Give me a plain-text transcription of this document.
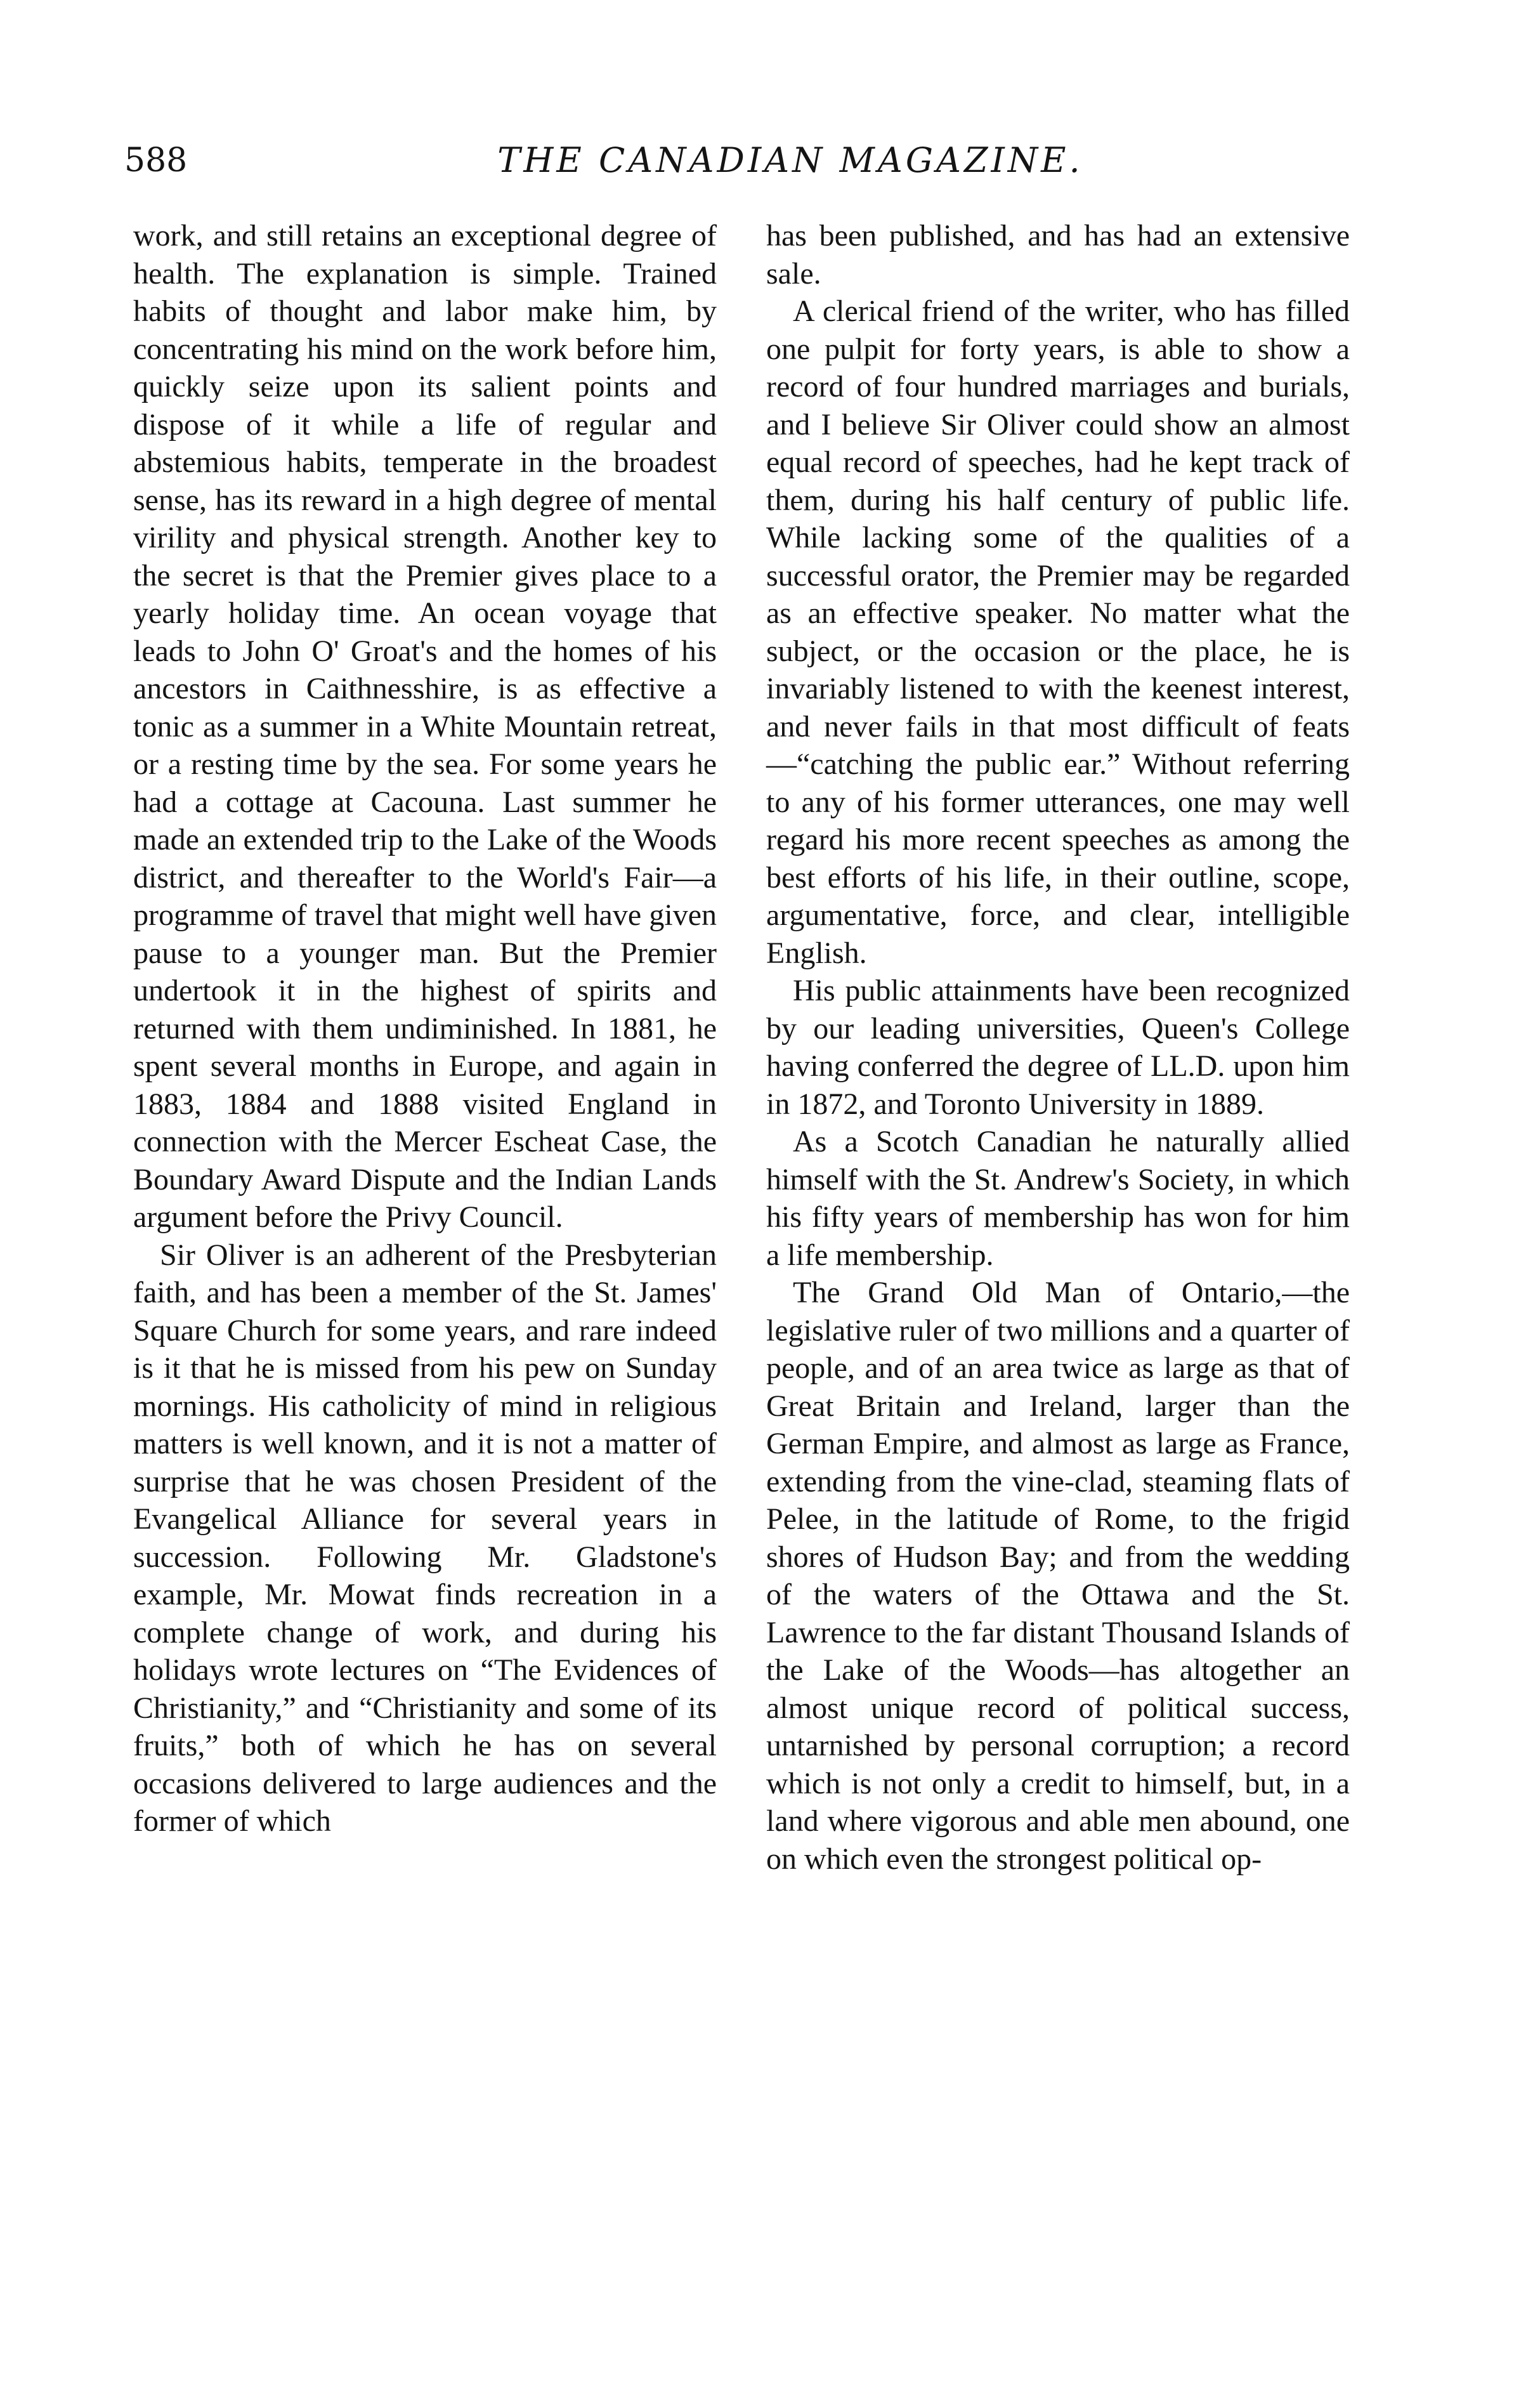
588	THE CANADIAN MAGAZINE.

work, and still retains an exceptional degree of health. The explanation is simple. Trained habits of thought and labor make him, by concentrating his mind on the work before him, quickly seize upon its salient points and dispose of it while a life of regular and abstemious habits, temperate in the broadest sense, has its reward in a high degree of mental virility and physical strength. Another key to the secret is that the Premier gives place to a yearly holiday time. An ocean voyage that leads to John O' Groat's and the homes of his ancestors in Caithnesshire, is as effective a tonic as a summer in a White Mountain retreat, or a resting time by the sea. For some years he had a cottage at Cacouna. Last summer he made an extended trip to the Lake of the Woods district, and thereafter to the World's Fair—a programme of travel that might well have given pause to a younger man. But the Premier undertook it in the highest of spirits and returned with them undiminished. In 1881, he spent several months in Europe, and again in 1883, 1884 and 1888 visited England in connection with the Mercer Escheat Case, the Boundary Award Dispute and the Indian Lands argument before the Privy Council.

Sir Oliver is an adherent of the Presbyterian faith, and has been a member of the St. James' Square Church for some years, and rare indeed is it that he is missed from his pew on Sunday mornings. His catholicity of mind in religious matters is well known, and it is not a matter of surprise that he was chosen President of the Evangelical Alliance for several years in succession. Following Mr. Gladstone's example, Mr. Mowat finds recreation in a complete change of work, and during his holidays wrote lectures on “The Evidences of Christianity,” and “Christianity and some of its fruits,” both of which he has on several occasions delivered to large audiences and the former of which

has been published, and has had an extensive sale.

A clerical friend of the writer, who has filled one pulpit for forty years, is able to show a record of four hundred marriages and burials, and I believe Sir Oliver could show an almost equal record of speeches, had he kept track of them, during his half century of public life. While lacking some of the qualities of a successful orator, the Premier may be regarded as an effective speaker. No matter what the subject, or the occasion or the place, he is invariably listened to with the keenest interest, and never fails in that most difficult of feats—“catching the public ear.” Without referring to any of his former utterances, one may well regard his more recent speeches as among the best efforts of his life, in their outline, scope, argumentative, force, and clear, intelligible English.

His public attainments have been recognized by our leading universities, Queen's College having conferred the degree of LL.D. upon him in 1872, and Toronto University in 1889.

As a Scotch Canadian he naturally allied himself with the St. Andrew's Society, in which his fifty years of membership has won for him a life membership.

The Grand Old Man of Ontario,—the legislative ruler of two millions and a quarter of people, and of an area twice as large as that of Great Britain and Ireland, larger than the German Empire, and almost as large as France, extending from the vine-clad, steaming flats of Pelee, in the latitude of Rome, to the frigid shores of Hudson Bay; and from the wedding of the waters of the Ottawa and the St. Lawrence to the far distant Thousand Islands of the Lake of the Woods—has altogether an almost unique record of political success, untarnished by personal corruption; a record which is not only a credit to himself, but, in a land where vigorous and able men abound, one on which even the strongest political op-
